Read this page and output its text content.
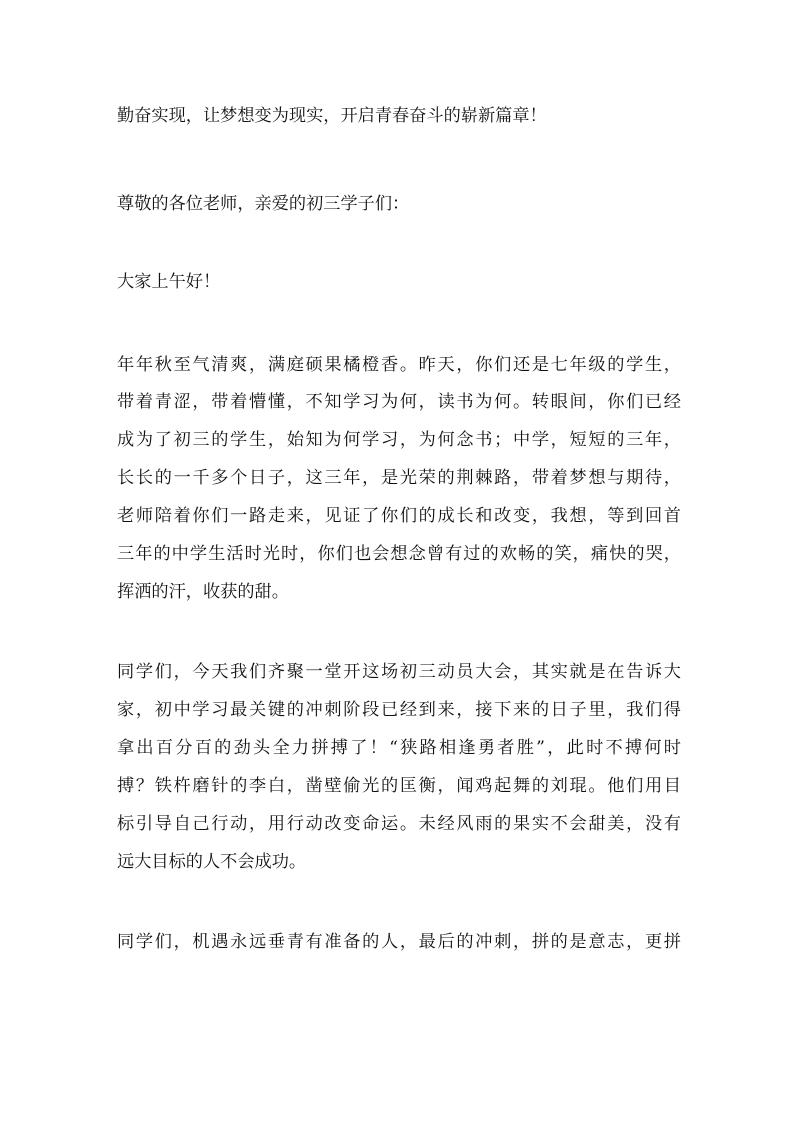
勤奋实现，让梦想变为现实，开启青春奋斗的崭新篇章！
尊敬的各位老师，亲爱的初三学子们：
大家上午好！
年年秋至气清爽，满庭硕果橘橙香。昨天，你们还是七年级的学生，
带着青涩，带着懵懂，不知学习为何，读书为何。转眼间，你们已经
成为了初三的学生，始知为何学习，为何念书；中学，短短的三年，
长长的一千多个日子，这三年，是光荣的荆棘路，带着梦想与期待，
老师陪着你们一路走来，见证了你们的成长和改变，我想，等到回首
三年的中学生活时光时，你们也会想念曾有过的欢畅的笑，痛快的哭，
挥洒的汗，收获的甜。
同学们，今天我们齐聚一堂开这场初三动员大会，其实就是在告诉大
家，初中学习最关键的冲刺阶段已经到来，接下来的日子里，我们得
拿出百分百的劲头全力拼搏了！“狭路相逢勇者胜”，此时不搏何时
搏？铁杵磨针的李白，凿壁偷光的匡衡，闻鸡起舞的刘琨。他们用目
标引导自己行动，用行动改变命运。未经风雨的果实不会甜美，没有
远大目标的人不会成功。
同学们，机遇永远垂青有准备的人，最后的冲刺，拼的是意志，更拼
